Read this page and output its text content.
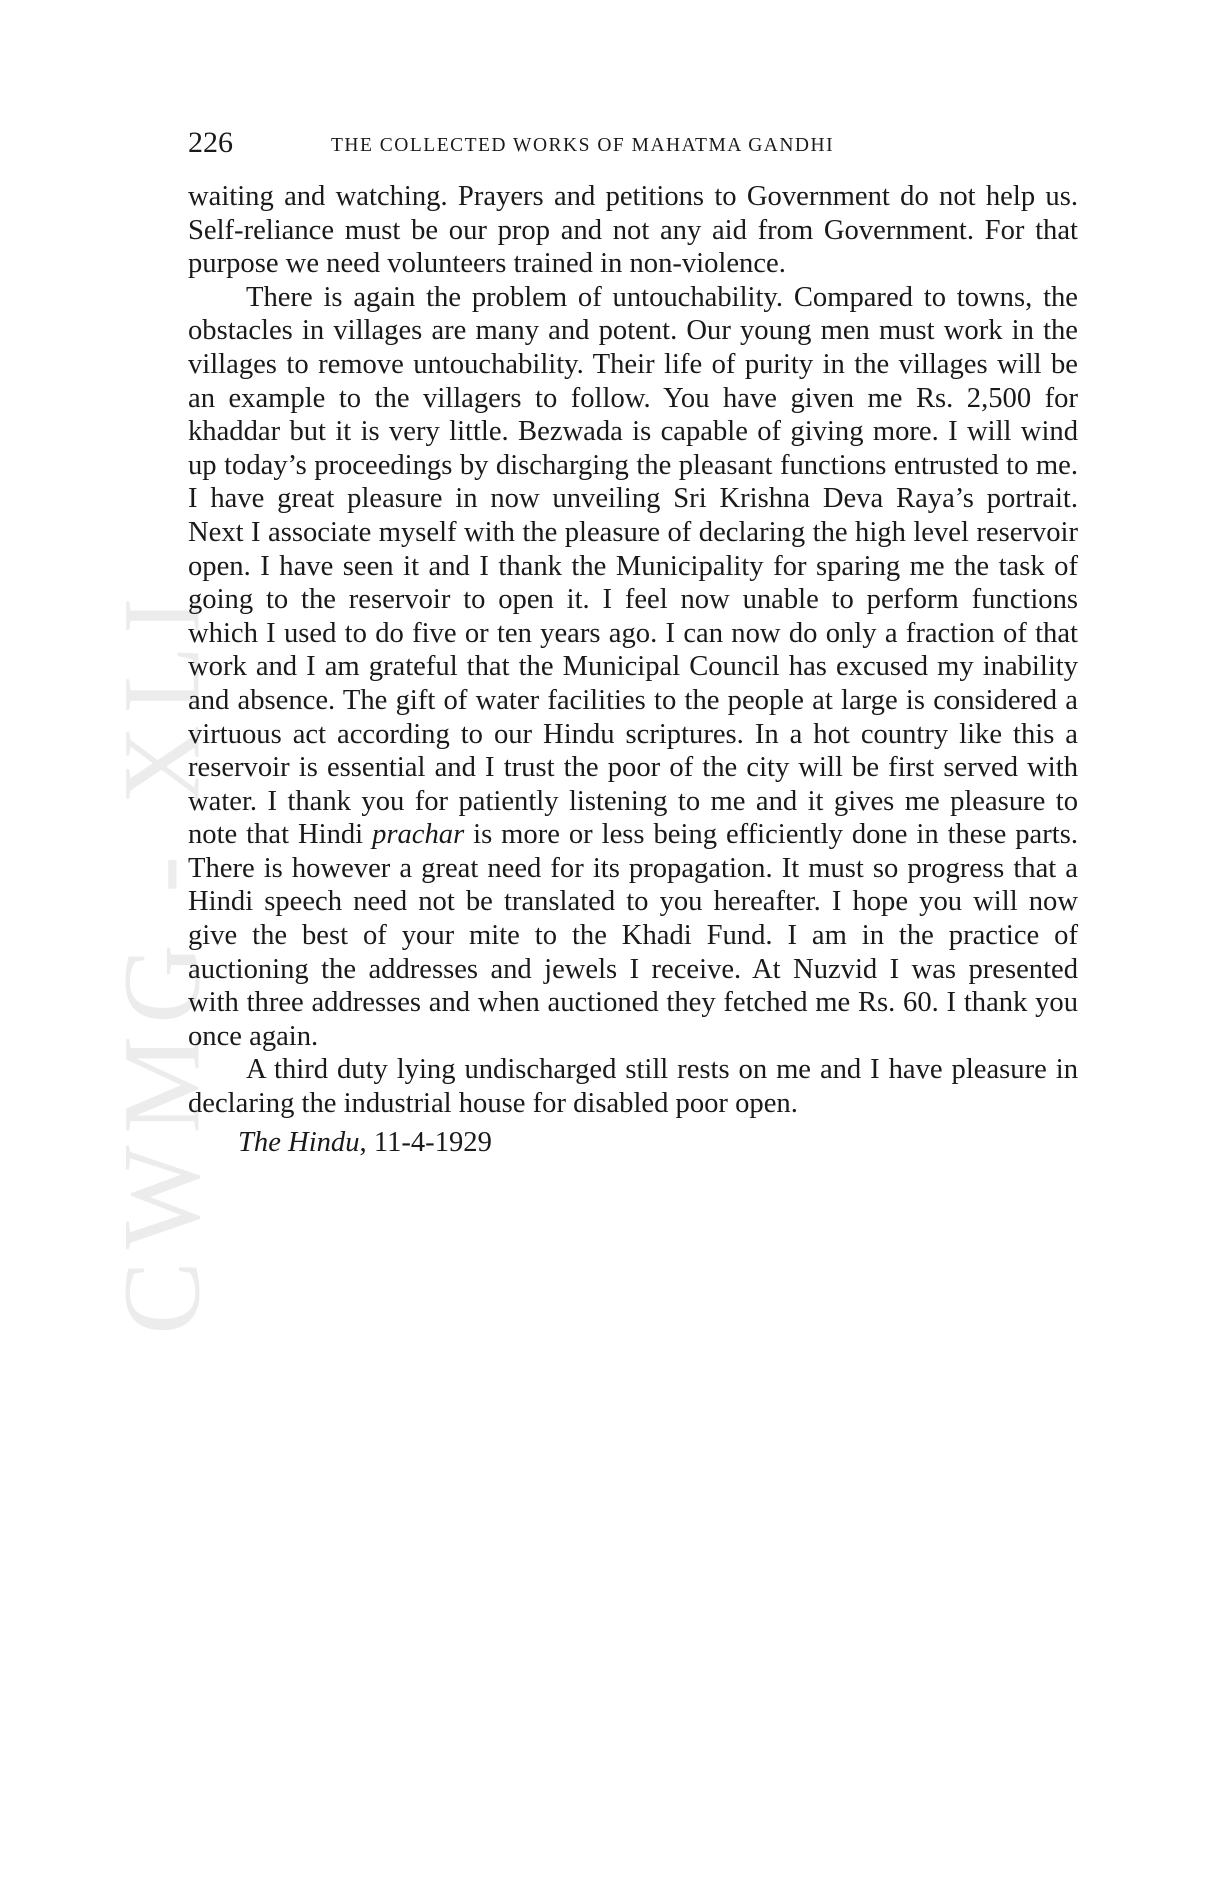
CWMG - XLI
226	THE COLLECTED WORKS OF MAHATMA GANDHI

waiting and watching. Prayers and petitions to Government do not help us. Self-reliance must be our prop and not any aid from Government. For that purpose we need volunteers trained in non-violence.

There is again the problem of untouchability. Compared to towns, the obstacles in villages are many and potent. Our young men must work in the villages to remove untouchability. Their life of purity in the villages will be an example to the villagers to follow. You have given me Rs. 2,500 for khaddar but it is very little. Bezwada is capable of giving more. I will wind up today’s proceedings by discharging the pleasant functions entrusted to me. I have great pleasure in now unveiling Sri Krishna Deva Raya’s portrait. Next I associate myself with the pleasure of declaring the high level reservoir open. I have seen it and I thank the Municipality for sparing me the task of going to the reservoir to open it. I feel now unable to perform functions which I used to do five or ten years ago. I can now do only a fraction of that work and I am grateful that the Municipal Council has excused my inability and absence. The gift of water facilities to the people at large is considered a virtuous act according to our Hindu scriptures. In a hot country like this a reservoir is essential and I trust the poor of the city will be first served with water. I thank you for patiently listening to me and it gives me pleasure to note that Hindi prachar is more or less being efficiently done in these parts. There is however a great need for its propagation. It must so progress that a Hindi speech need not be translated to you hereafter. I hope you will now give the best of your mite to the Khadi Fund. I am in the practice of auctioning the addresses and jewels I receive. At Nuzvid I was presented with three addresses and when auctioned they fetched me Rs. 60. I thank you once again.

A third duty lying undischarged still rests on me and I have pleasure in declaring the industrial house for disabled poor open.

The Hindu, 11-4-1929
